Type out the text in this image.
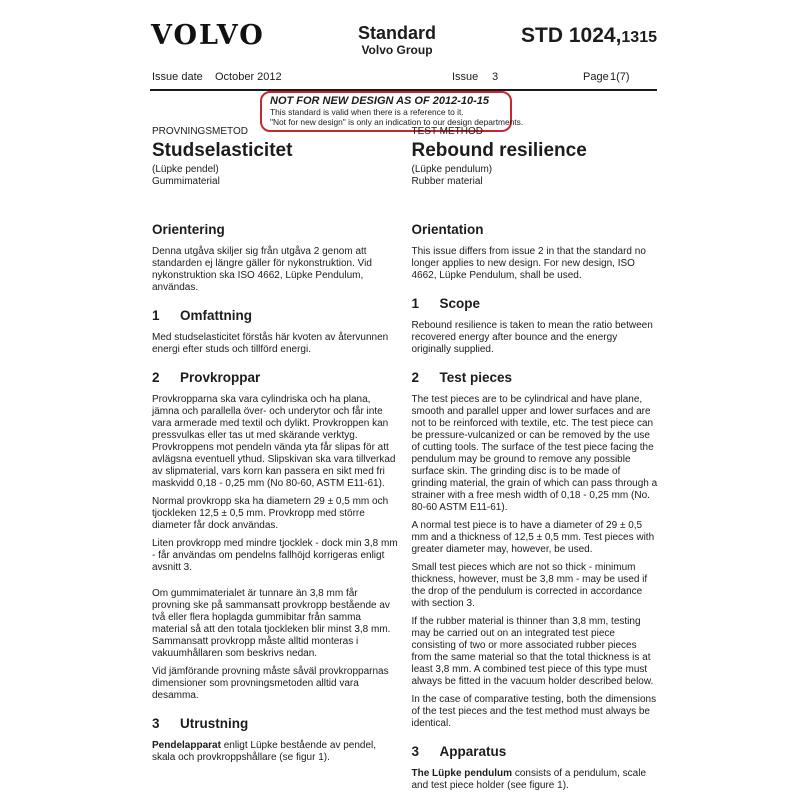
VOLVO	Standard
Volvo Group
STD 1024,1315
Issue date October 2012	Issue 3	Page 1(7)
NOT FOR NEW DESIGN AS OF 2012-10-15
This standard is valid when there is a reference to it.
"Not for new design" is only an indication to our design departments.
PROVNINGSMETOD
Studselasticitet
(Lüpke pendel)
Gummimaterial
Orientering

Denna utgåva skiljer sig från utgåva 2 genom att standarden ej längre gäller för nykonstruktion. Vid nykonstruktion ska ISO 4662, Lüpke Pendulum, användas.

1	Omfattning

Med studselasticitet förstås här kvoten av återvunnen energi efter studs och tillförd energi.

2	Provkroppar

Provkropparna ska vara cylindriska och ha plana, jämna och parallella över- och underytor och får inte vara armerade med textil och dylikt. Provkroppen kan pressvulkas eller tas ut med skärande verktyg. Provkroppens mot pendeln vända yta får slipas för att avlägsna eventuell ythud. Slipskivan ska vara tillverkad av slipmaterial, vars korn kan passera en sikt med fri maskvidd 0,18 - 0,25 mm (No 80-60, ASTM E11-61).

Normal provkropp ska ha diametern 29 ± 0,5 mm och tjockleken 12,5 ± 0,5 mm. Provkropp med större diameter får dock användas.

Liten provkropp med mindre tjocklek - dock min 3,8 mm - får användas om pendelns fallhöjd korrigeras enligt avsnitt 3.

Om gummimaterialet är tunnare än 3,8 mm får provning ske på sammansatt provkropp bestående av två eller flera hoplagda gummibitar från samma material så att den totala tjockleken blir minst 3,8 mm. Sammansatt provkropp måste alltid monteras i vakuumhållaren som beskrivs nedan.

Vid jämförande provning måste såväl provkropparnas dimensioner som provningsmetoden alltid vara desamma.

3	Utrustning

Pendelapparat enligt Lüpke bestående av pendel, skala och provkroppshållare (se figur 1).

TEST METHOD
Rebound resilience
(Lüpke pendulum)
Rubber material
Orientation

This issue differs from issue 2 in that the standard no longer applies to new design. For new design, ISO 4662, Lüpke Pendulum, shall be used.

1	Scope

Rebound resilience is taken to mean the ratio between recovered energy after bounce and the energy originally supplied.

2	Test pieces

The test pieces are to be cylindrical and have plane, smooth and parallel upper and lower surfaces and are not to be reinforced with textile, etc. The test piece can be pressure-vulcanized or can be removed by the use of cutting tools. The surface of the test piece facing the pendulum may be ground to remove any possible surface skin. The grinding disc is to be made of grinding material, the grain of which can pass through a strainer with a free mesh width of 0,18 - 0,25 mm (No. 80-60 ASTM E11-61).

A normal test piece is to have a diameter of 29 ± 0,5 mm and a thickness of 12,5 ± 0,5 mm. Test pieces with greater diameter may, however, be used.

Small test pieces which are not so thick - minimum thickness, however, must be 3,8 mm - may be used if the drop of the pendulum is corrected in accordance with section 3.

If the rubber material is thinner than 3,8 mm, testing may be carried out on an integrated test piece consisting of two or more associated rubber pieces from the same material so that the total thickness is at least 3,8 mm. A combined test piece of this type must always be fitted in the vacuum holder described below.

In the case of comparative testing, both the dimensions of the test pieces and the test method must always be identical.

3	Apparatus

The Lüpke pendulum consists of a pendulum, scale and test piece holder (see figure 1).
